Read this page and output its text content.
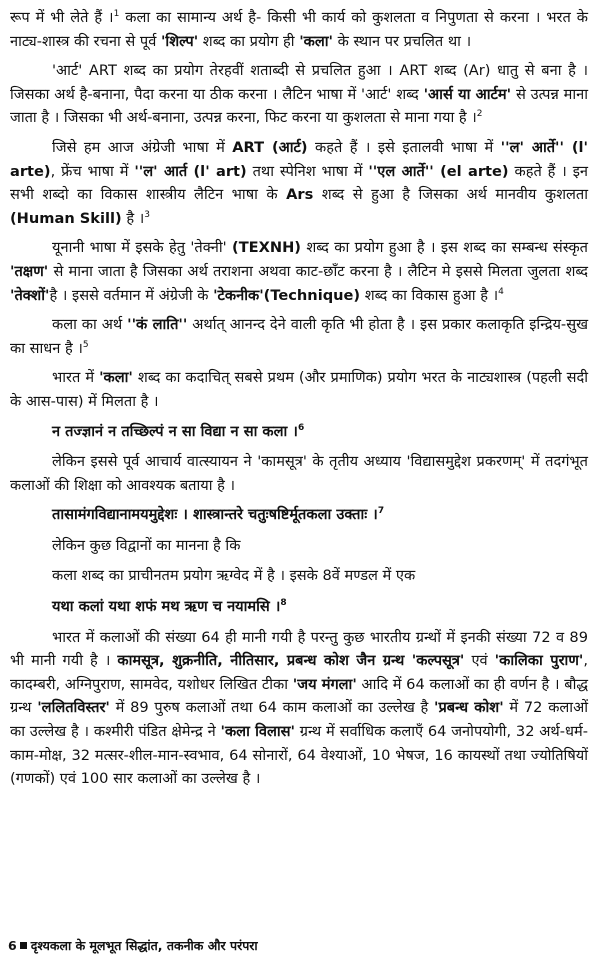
रूप में भी लेते हैं ।$^1$ कला का सामान्य अर्थ है- किसी भी कार्य को कुशलता व निपुणता से करना । भरत के नाट्य-शास्त्र की रचना से पूर्व 'शिल्प' शब्द का प्रयोग ही 'कला' के स्थान पर प्रचलित था ।

'आर्ट' ART शब्द का प्रयोग तेरहवीं शताब्दी से प्रचलित हुआ । ART शब्द (Ar) धातु से बना है । जिसका अर्थ है-बनाना, पैदा करना या ठीक करना । लैटिन भाषा में 'आर्ट' शब्द 'आर्स या आर्टम' से उत्पन्न माना जाता है । जिसका भी अर्थ-बनाना, उत्पन्न करना, फिट करना या कुशलता से माना गया है ।$^2$

जिसे हम आज अंग्रेजी भाषा में ART (आर्ट) कहते हैं । इसे इतालवी भाषा में ''ल' आर्ते'' (l' arte), फ्रेंच भाषा में ''ल' आर्त (l' art) तथा स्पेनिश भाषा में ''एल आर्ते'' (el arte) कहते हैं । इन सभी शब्दो का विकास शास्त्रीय लैटिन भाषा के Ars शब्द से हुआ है जिसका अर्थ मानवीय कुशलता (Human Skill) है ।$^3$

यूनानी भाषा में इसके हेतु 'तेक्नी' (TEXNH) शब्द का प्रयोग हुआ है । इस शब्द का सम्बन्ध संस्कृत 'तक्षण' से माना जाता है जिसका अर्थ तराशना अथवा काट-छाँट करना है । लैटिन मे इससे मिलता जुलता शब्द 'तेक्शों'है । इससे वर्तमान में अंग्रेजी के 'टेकनीक'(Technique) शब्द का विकास हुआ है ।$^4$

कला का अर्थ ''कं लाति'' अर्थात् आनन्द देने वाली कृति भी होता है । इस प्रकार कलाकृति इन्द्रिय-सुख का साधन है ।$^5$

भारत में 'कला' शब्द का कदाचित् सबसे प्रथम (और प्रमाणिक) प्रयोग भरत के नाट्यशास्त्र (पहली सदी के आस-पास) में मिलता है ।

न तज्ज्ञानं न तच्छिल्पं न सा विद्या न सा कला ।$^6$

लेकिन इससे पूर्व आचार्य वात्स्यायन ने 'कामसूत्र' के तृतीय अध्याय 'विद्यासमुद्देश प्रकरणम्' में तदगंभूत कलाओं की शिक्षा को आवश्यक बताया है ।

तासामंगविद्यानामयमुद्देशः । शास्त्रान्तरे चतुःषष्टिर्मूतकला उक्ताः ।$^7$

लेकिन कुछ विद्वानों का मानना है कि

कला शब्द का प्राचीनतम प्रयोग ऋग्वेद में है । इसके 8वें मण्डल में एक

यथा कलां यथा शफं मथ ऋण च नयामसि ।$^8$

भारत में कलाओं की संख्या 64 ही मानी गयी है परन्तु कुछ भारतीय ग्रन्थों में इनकी संख्या 72 व 89 भी मानी गयी है । कामसूत्र, शुक्रनीति, नीतिसार, प्रबन्ध कोश जैन ग्रन्थ 'कल्पसूत्र' एवं 'कालिका पुराण', कादम्बरी, अग्निपुराण, सामवेद, यशोधर लिखित टीका 'जय मंगला' आदि में 64 कलाओं का ही वर्णन है । बौद्ध ग्रन्थ 'ललितविस्तर' में 89 पुरुष कलाओं तथा 64 काम कलाओं का उल्लेख है 'प्रबन्ध कोश' में 72 कलाओं का उल्लेख है । कश्मीरी पंडित क्षेमेन्द्र ने 'कला विलास' ग्रन्थ में सर्वाधिक कलाएँ 64 जनोपयोगी, 32 अर्थ-धर्म-काम-मोक्ष, 32 मत्सर-शील-मान-स्वभाव, 64 सोनारों, 64 वेश्याओं, 10 भेषज, 16 कायस्थों तथा ज्योतिषियों (गणकों) एवं 100 सार कलाओं का उल्लेख है ।

6 दृश्यकला के मूलभूत सिद्धांत, तकनीक और परंपरा
